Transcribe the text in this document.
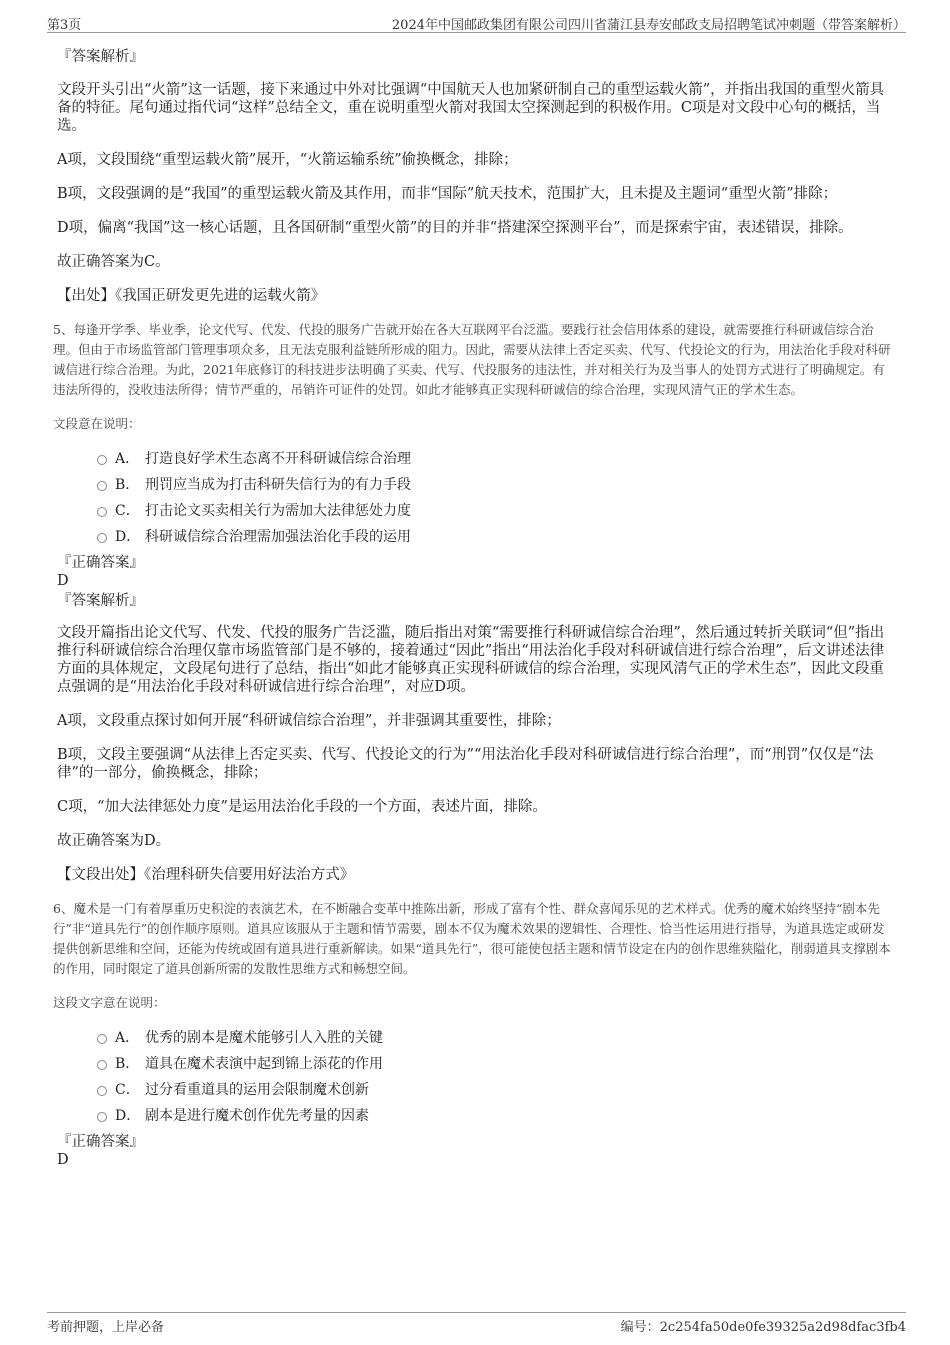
第3页	2024年中国邮政集团有限公司四川省蒲江县寿安邮政支局招聘笔试冲刺题（带答案解析）

『答案解析』

文段开头引出“火箭”这一话题，接下来通过中外对比强调“中国航天人也加紧研制自己的重型运载火箭”，并指出我国的重型火箭具备的特征。尾句通过指代词“这样”总结全文，重在说明重型火箭对我国太空探测起到的积极作用。C项是对文段中心句的概括，当选。

A项，文段围绕“重型运载火箭”展开，“火箭运输系统”偷换概念，排除；

B项，文段强调的是“我国”的重型运载火箭及其作用，而非“国际”航天技术，范围扩大，且未提及主题词“重型火箭”排除；

D项，偏离“我国”这一核心话题，且各国研制“重型火箭”的目的并非“搭建深空探测平台”，而是探索宇宙，表述错误，排除。

故正确答案为C。

【出处】《我国正研发更先进的运载火箭》

5、每逢开学季、毕业季，论文代写、代发、代投的服务广告就开始在各大互联网平台泛滥。要践行社会信用体系的建设，就需要推行科研诚信综合治理。但由于市场监管部门管理事项众多，且无法克服利益链所形成的阻力。因此，需要从法律上否定买卖、代写、代投论文的行为，用法治化手段对科研诚信进行综合治理。为此，2021年底修订的科技进步法明确了买卖、代写、代投服务的违法性，并对相关行为及当事人的处罚方式进行了明确规定。有违法所得的，没收违法所得；情节严重的，吊销许可证件的处罚。如此才能够真正实现科研诚信的综合治理，实现风清气正的学术生态。

文段意在说明：

A． 打造良好学术生态离不开科研诚信综合治理
B． 刑罚应当成为打击科研失信行为的有力手段
C． 打击论文买卖相关行为需加大法律惩处力度
D． 科研诚信综合治理需加强法治化手段的运用

『正确答案』

D

『答案解析』

文段开篇指出论文代写、代发、代投的服务广告泛滥，随后指出对策“需要推行科研诚信综合治理”，然后通过转折关联词“但”指出推行科研诚信综合治理仅靠市场监管部门是不够的，接着通过“因此”指出“用法治化手段对科研诚信进行综合治理”，后文讲述法律方面的具体规定，文段尾句进行了总结，指出“如此才能够真正实现科研诚信的综合治理，实现风清气正的学术生态”，因此文段重点强调的是“用法治化手段对科研诚信进行综合治理”，对应D项。

A项，文段重点探讨如何开展“科研诚信综合治理”，并非强调其重要性，排除；

B项，文段主要强调“从法律上否定买卖、代写、代投论文的行为”“用法治化手段对科研诚信进行综合治理”，而“刑罚”仅仅是“法律”的一部分，偷换概念，排除；

C项，“加大法律惩处力度”是运用法治化手段的一个方面，表述片面，排除。

故正确答案为D。

【文段出处】《治理科研失信要用好法治方式》

6、魔术是一门有着厚重历史积淀的表演艺术，在不断融合变革中推陈出新，形成了富有个性、群众喜闻乐见的艺术样式。优秀的魔术始终坚持“剧本先行”非“道具先行”的创作顺序原则。道具应该服从于主题和情节需要，剧本不仅为魔术效果的逻辑性、合理性、恰当性运用进行指导，为道具选定或研发提供创新思维和空间，还能为传统或固有道具进行重新解读。如果“道具先行”，很可能使包括主题和情节设定在内的创作思维狭隘化，削弱道具支撑剧本的作用，同时限定了道具创新所需的发散性思维方式和畅想空间。

这段文字意在说明：

A． 优秀的剧本是魔术能够引人入胜的关键
B． 道具在魔术表演中起到锦上添花的作用
C． 过分看重道具的运用会限制魔术创新
D． 剧本是进行魔术创作优先考量的因素

『正确答案』

D

考前押题，上岸必备	编号：2c254fa50de0fe39325a2d98dfac3fb4
